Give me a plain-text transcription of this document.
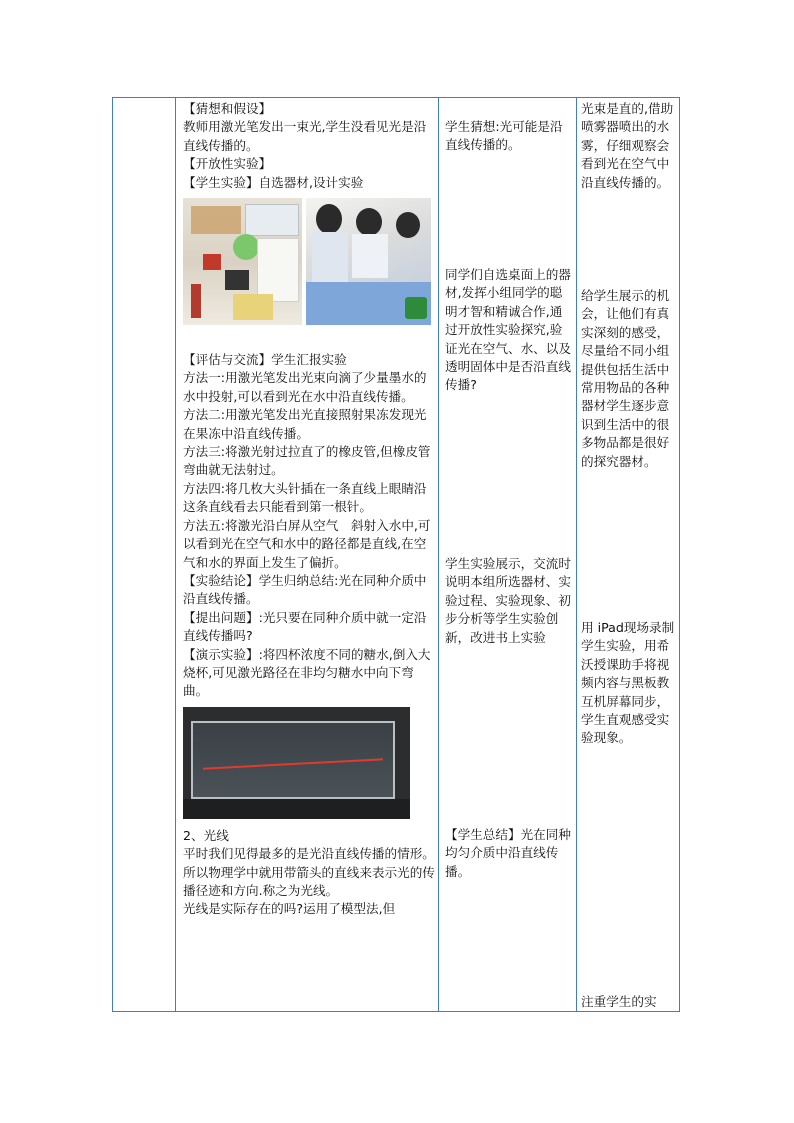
【猜想和假设】

教师用激光笔发出一束光,学生没看见光是沿直线传播的。

【开放性实验】

【学生实验】自选器材,设计实验

【评估与交流】学生汇报实验

方法一:用激光笔发出光束向滴了少量墨水的水中投射,可以看到光在水中沿直线传播。

方法二:用激光笔发出光直接照射果冻发现光在果冻中沿直线传播。

方法三:将激光射过拉直了的橡皮管,但橡皮管弯曲就无法射过。

方法四:将几枚大头针插在一条直线上眼睛沿这条直线看去只能看到第一根针。

方法五:将激光沿白屏从空气　斜射入水中,可以看到光在空气和水中的路径都是直线,在空气和水的界面上发生了偏折。

【实验结论】学生归纳总结:光在同种介质中沿直线传播。

【提出问题】:光只要在同种介质中就一定沿直线传播吗?

【演示实验】:将四杯浓度不同的糖水,倒入大烧杯,可见激光路径在非均匀糖水中向下弯曲。

2、光线

平时我们见得最多的是光沿直线传播的情形。所以物理学中就用带箭头的直线来表示光的传播径迹和方向.称之为光线。

光线是实际存在的吗?运用了模型法,但

学生猜想:光可能是沿直线传播的。
同学们自选桌面上的器材,发挥小组同学的聪明才智和精诚合作,通过开放性实验探究,验证光在空气、水、以及透明固体中是否沿直线传播?
学生实验展示，交流时说明本组所选器材、实验过程、实验现象、初步分析等学生实验创新，改进书上实验
【学生总结】光在同种均匀介质中沿直线传播。
光束是直的,借助喷雾器喷出的水雾，仔细观察会看到光在空气中沿直线传播的。
给学生展示的机会，让他们有真实深刻的感受，尽量给不同小组提供包括生活中常用物品的各种器材学生逐步意识到生活中的很多物品都是很好的探究器材。
用 iPad现场录制学生实验，用希沃授课助手将视频内容与黑板教互机屏幕同步，学生直观感受实验现象。
注重学生的实
